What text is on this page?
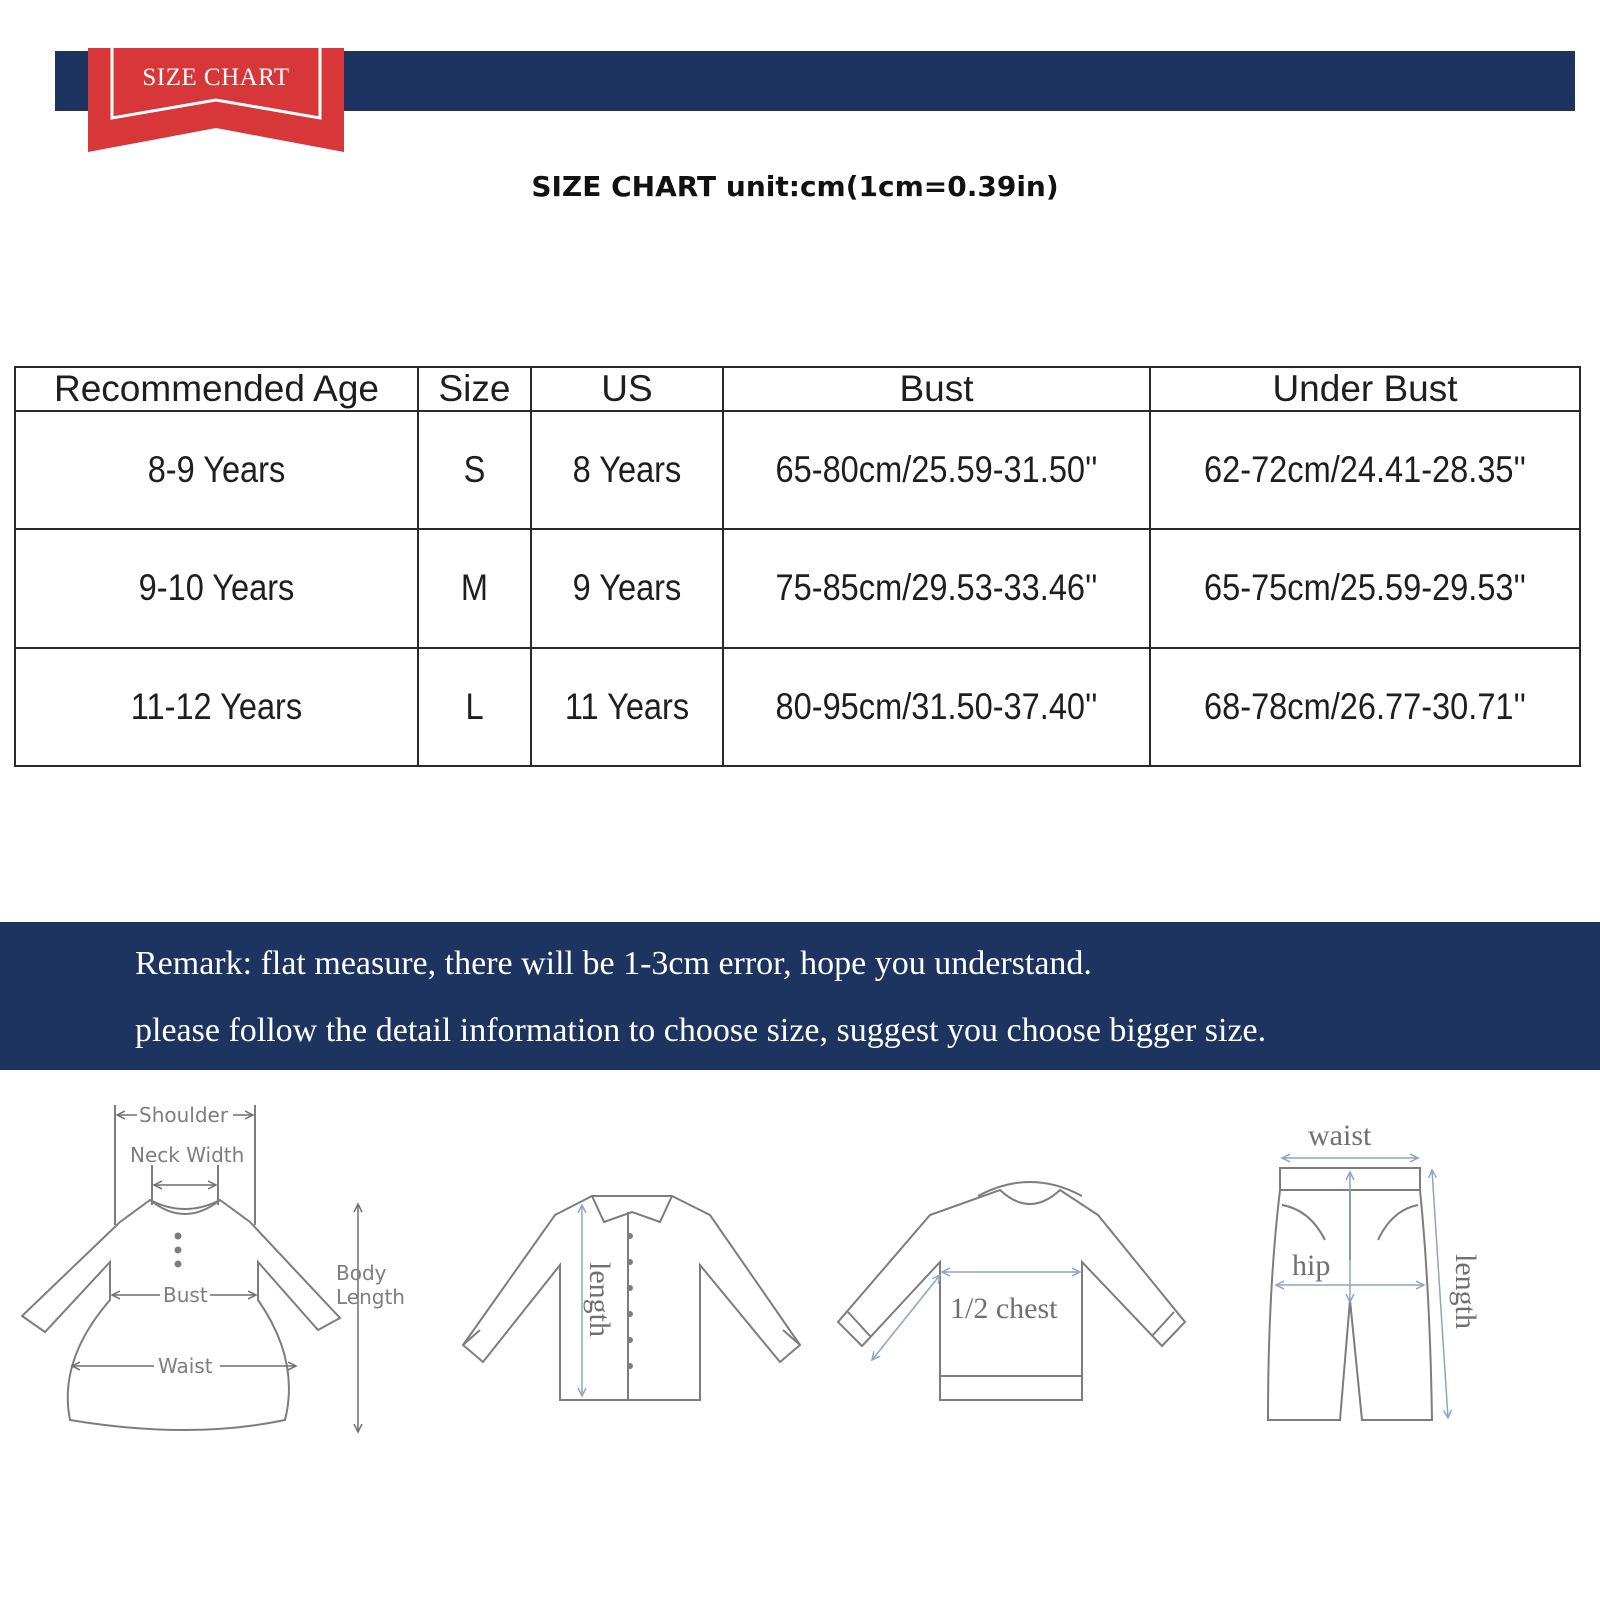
SIZE CHART
SIZE CHART unit:cm(1cm=0.39in)
Recommended Age	Size	US	Bust	Under Bust
8-9 Years	S	8 Years	65-80cm/25.59-31.50''	62-72cm/24.41-28.35''
9-10 Years	M	9 Years	75-85cm/29.53-33.46''	65-75cm/25.59-29.53''
11-12 Years	L	11 Years	80-95cm/31.50-37.40''	68-78cm/26.77-30.71''
Remark: flat measure, there will be 1-3cm error, hope you understand.
please follow the detail information to choose size, suggest you choose bigger size.
Shoulder
Neck Width
Bust
Waist
Body
Length	length	1/2 chest
waist
hip	length
